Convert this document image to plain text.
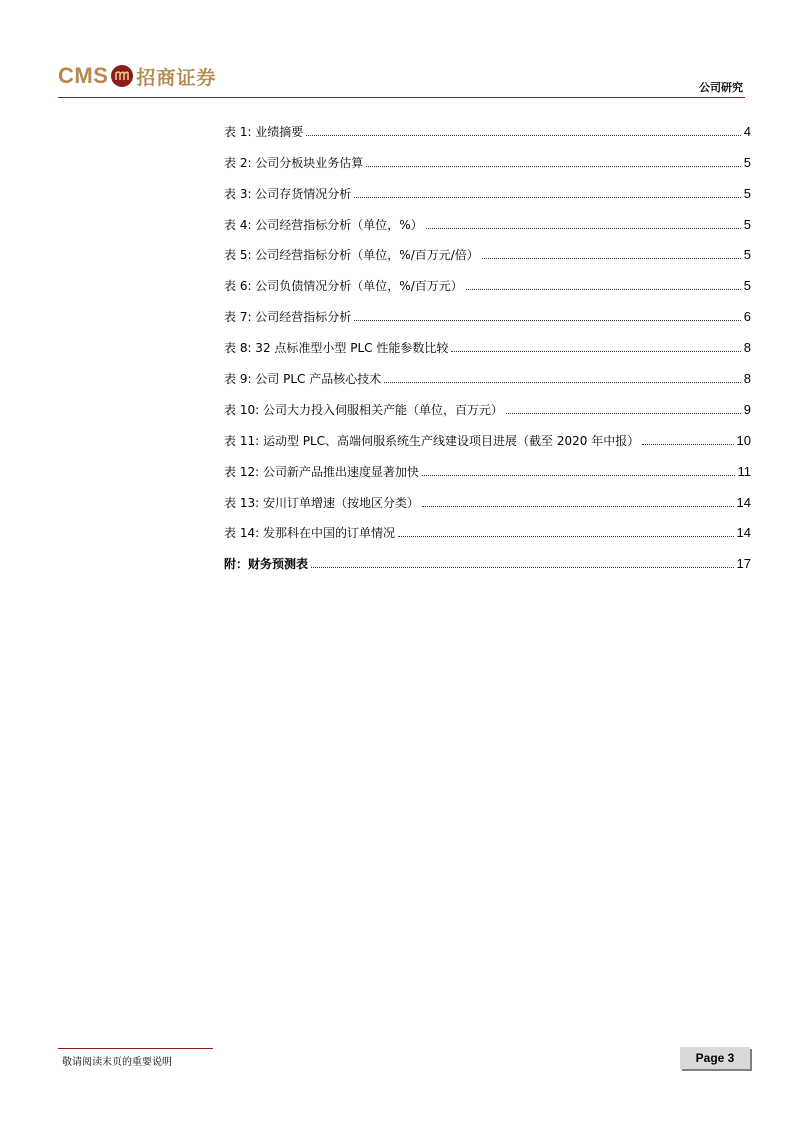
CMS 招商证券	公司研究
表 1: 业绩摘要	4
表 2: 公司分板块业务估算	5
表 3: 公司存货情况分析	5
表 4: 公司经营指标分析（单位，%）	5
表 5: 公司经营指标分析（单位，%/百万元/倍）	5
表 6: 公司负债情况分析（单位，%/百万元）	5
表 7: 公司经营指标分析	6
表 8: 32 点标准型小型 PLC 性能参数比较	8
表 9: 公司 PLC 产品核心技术	8
表 10: 公司大力投入伺服相关产能（单位，百万元）	9
表 11: 运动型 PLC、高端伺服系统生产线建设项目进展（截至 2020 年中报）	10
表 12: 公司新产品推出速度显著加快	11
表 13: 安川订单增速（按地区分类）	14
表 14: 发那科在中国的订单情况	14
附：财务预测表	17
敬请阅读末页的重要说明	Page 3
